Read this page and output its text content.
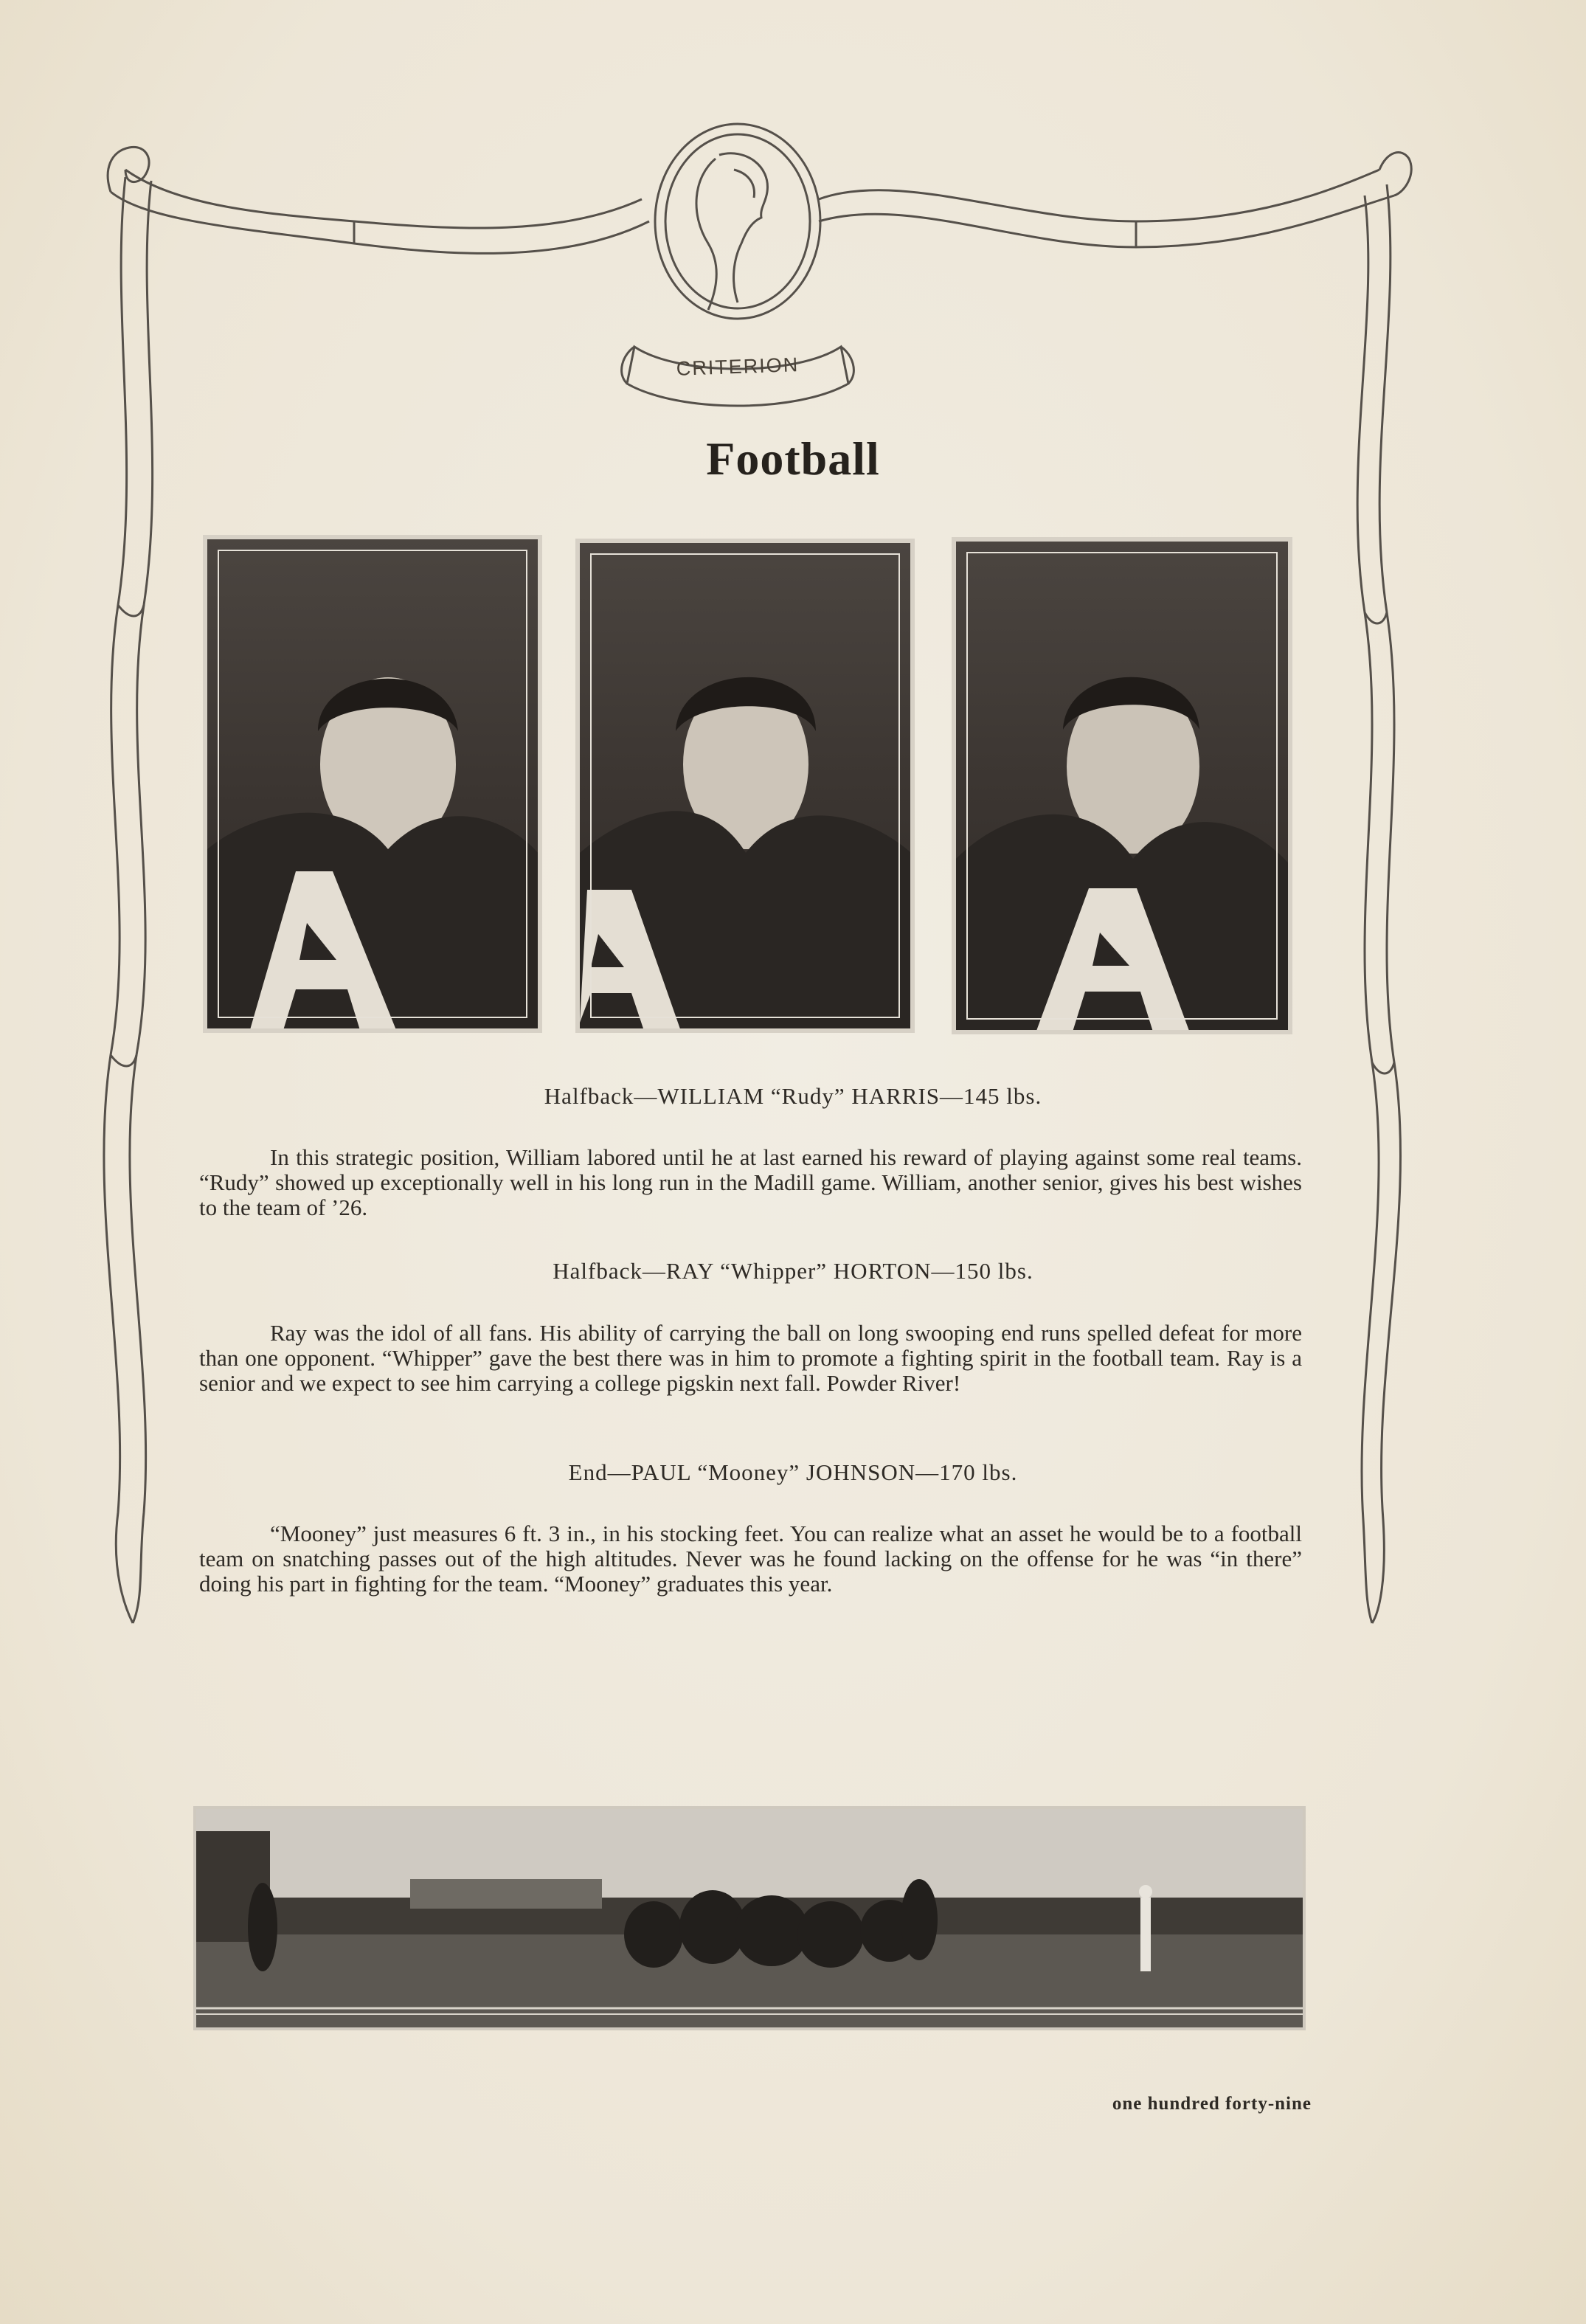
CRITERION
Football
Halfback—WILLIAM “Rudy” HARRIS—145 lbs.
In this strategic position, William labored until he at last earned his reward of playing against some real teams. “Rudy” showed up exceptionally well in his long run in the Madill game. William, another senior, gives his best wishes to the team of ’26.
Halfback—RAY “Whipper” HORTON—150 lbs.
Ray was the idol of all fans. His ability of carrying the ball on long swooping end runs spelled defeat for more than one opponent. “Whipper” gave the best there was in him to promote a fighting spirit in the football team. Ray is a senior and we expect to see him carrying a college pigskin next fall. Powder River!
End—PAUL “Mooney” JOHNSON—170 lbs.
“Mooney” just measures 6 ft. 3 in., in his stocking feet. You can realize what an asset he would be to a football team on snatching passes out of the high altitudes. Never was he found lacking on the offense for he was “in there” doing his part in fighting for the team. “Mooney” graduates this year.
one hundred forty-nine
